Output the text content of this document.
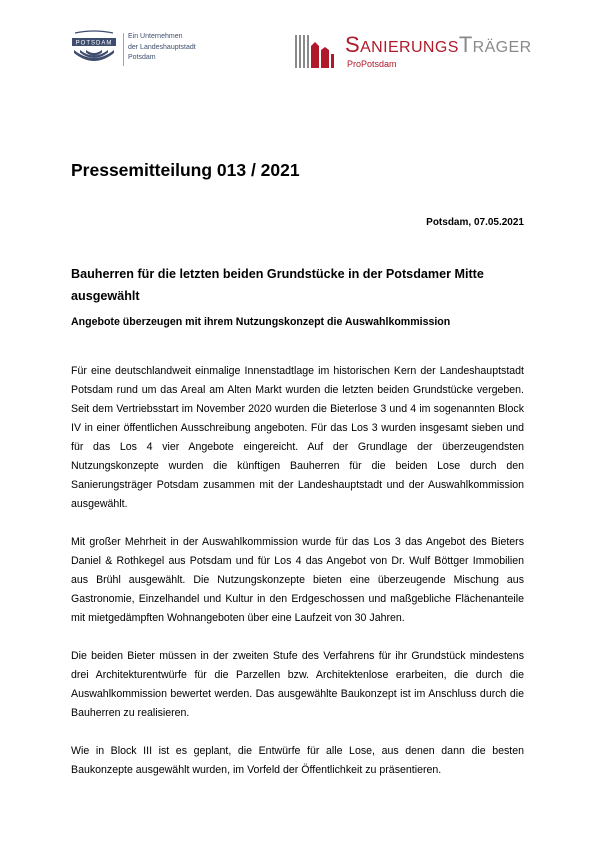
POTSDAM
Ein Unternehmen
der Landeshauptstadt
Potsdam
SANIERUNGSTRÄGER
ProPotsdam
Pressemitteilung 013 / 2021
Potsdam, 07.05.2021
Bauherren für die letzten beiden Grundstücke in der Potsdamer Mitte ausgewählt
Angebote überzeugen mit ihrem Nutzungskonzept die Auswahlkommission

Für eine deutschlandweit einmalige Innenstadtlage im historischen Kern der Landeshauptstadt Potsdam rund um das Areal am Alten Markt wurden die letzten beiden Grundstücke vergeben. Seit dem Vertriebsstart im November 2020 wurden die Bieterlose 3 und 4 im sogenannten Block IV in einer öffentlichen Ausschreibung angeboten. Für das Los 3 wurden insgesamt sieben und für das Los 4 vier Angebote eingereicht. Auf der Grundlage der überzeugendsten Nutzungskonzepte wurden die künftigen Bauherren für die beiden Lose durch den Sanierungsträger Potsdam zusammen mit der Landeshauptstadt und der Auswahlkommission ausgewählt.

Mit großer Mehrheit in der Auswahlkommission wurde für das Los 3 das Angebot des Bieters Daniel & Rothkegel aus Potsdam und für Los 4 das Angebot von Dr. Wulf Böttger Immobilien aus Brühl ausgewählt. Die Nutzungskonzepte bieten eine überzeugende Mischung aus Gastronomie, Einzelhandel und Kultur in den Erdgeschossen und maßgebliche Flächenanteile mit mietgedämpften Wohnangeboten über eine Laufzeit von 30 Jahren.

Die beiden Bieter müssen in der zweiten Stufe des Verfahrens für ihr Grundstück mindestens drei Architekturentwürfe für die Parzellen bzw. Architektenlose erarbeiten, die durch die Auswahlkommission bewertet werden. Das ausgewählte Baukonzept ist im Anschluss durch die Bauherren zu realisieren.

Wie in Block III ist es geplant, die Entwürfe für alle Lose, aus denen dann die besten Baukonzepte ausgewählt wurden, im Vorfeld der Öffentlichkeit zu präsentieren.
